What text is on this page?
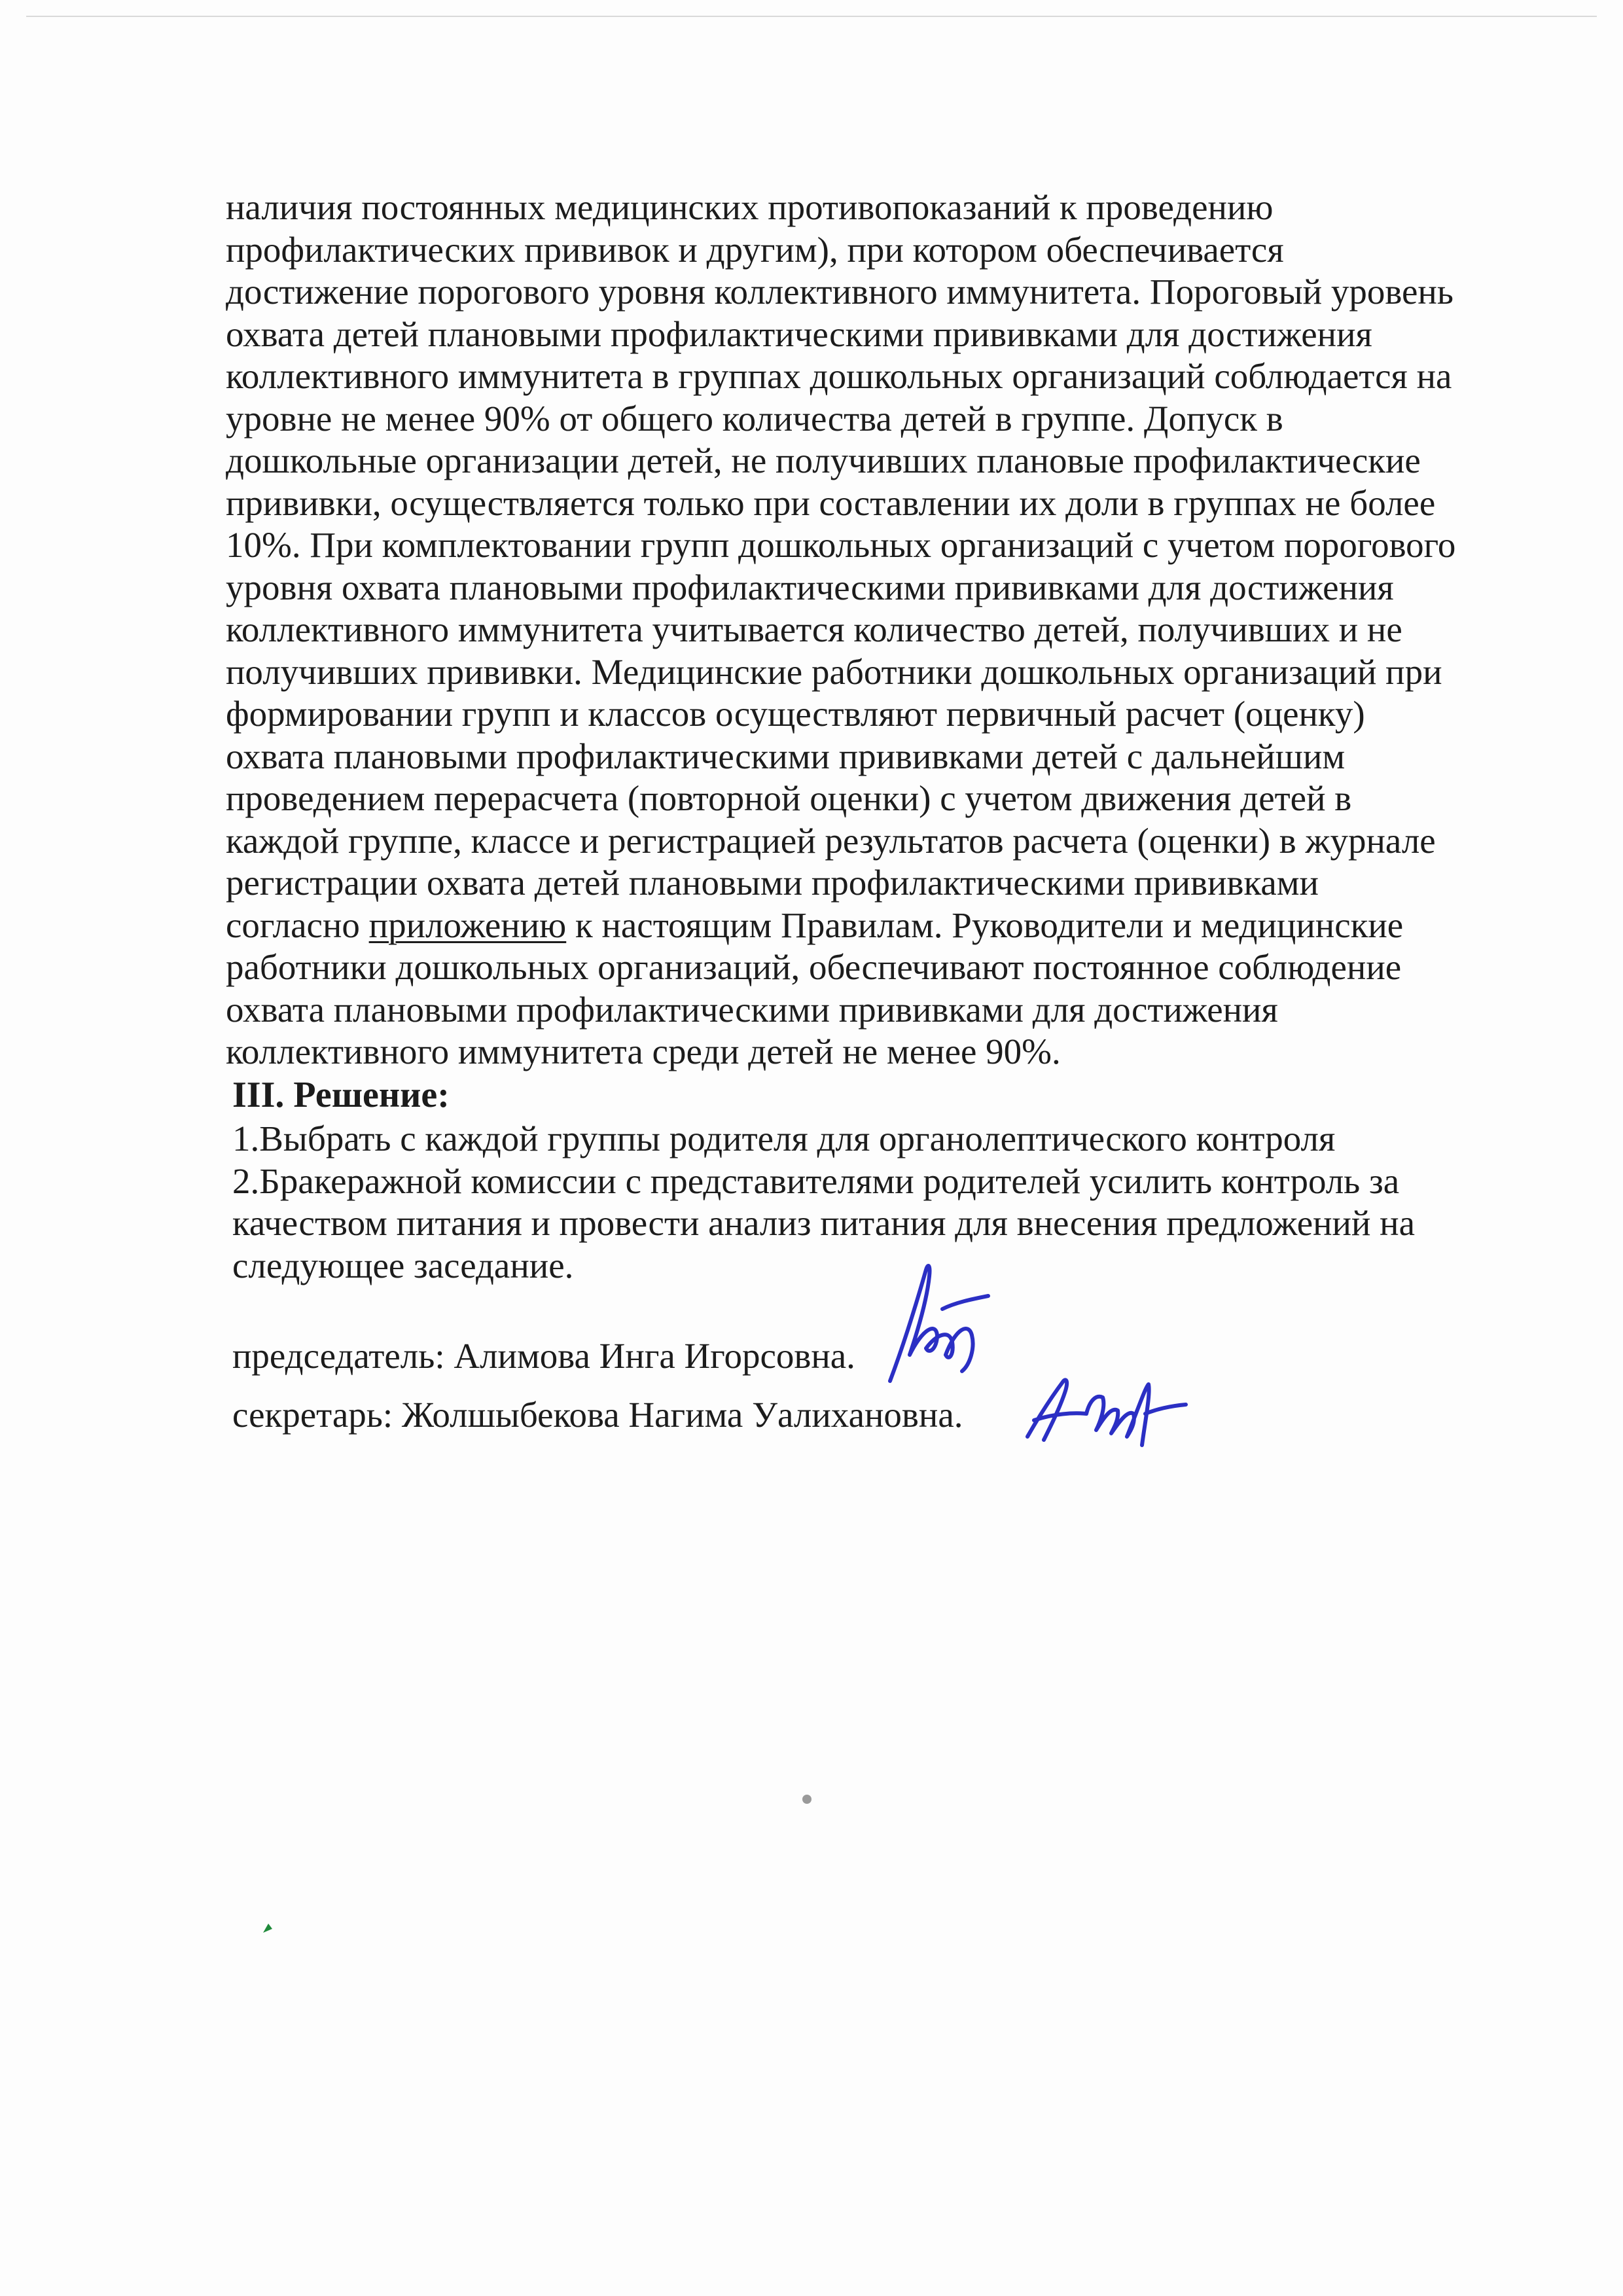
наличия постоянных медицинских противопоказаний к проведению
профилактических прививок и другим), при котором обеспечивается
достижение порогового уровня коллективного иммунитета. Пороговый уровень
охвата детей плановыми профилактическими прививками для достижения
коллективного иммунитета в группах дошкольных организаций соблюдается на
уровне не менее 90% от общего количества детей в группе. Допуск в
дошкольные организации детей, не получивших плановые профилактические
прививки, осуществляется только при составлении их доли в группах не более
10%. При комплектовании групп дошкольных организаций с учетом порогового
уровня охвата плановыми профилактическими прививками для достижения
коллективного иммунитета учитывается количество детей, получивших и не
получивших прививки. Медицинские работники дошкольных организаций при
формировании групп и классов осуществляют первичный расчет (оценку)
охвата плановыми профилактическими прививками детей с дальнейшим
проведением перерасчета (повторной оценки) с учетом движения детей в
каждой группе, классе и регистрацией результатов расчета (оценки) в журнале
регистрации охвата детей плановыми профилактическими прививками
согласно приложению к настоящим Правилам. Руководители и медицинские
работники дошкольных организаций, обеспечивают постоянное соблюдение
охвата плановыми профилактическими прививками для достижения
коллективного иммунитета среди детей не менее 90%.
III. Решение:
1.Выбрать с каждой группы родителя для органолептического контроля
2.Бракеражной комиссии с представителями родителей усилить контроль за
качеством питания и провести анализ питания для внесения предложений на
следующее заседание.
председатель: Алимова Инга Игорсовна.
секретарь: Жолшыбекова Нагима Уалихановна.
